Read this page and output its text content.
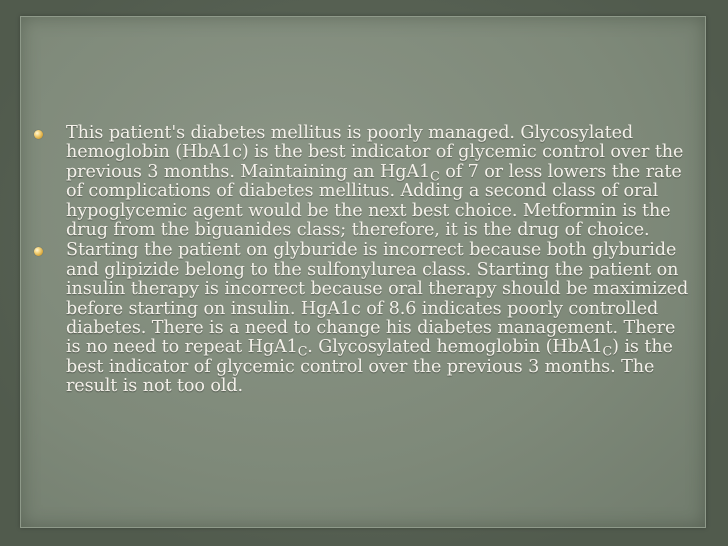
This patient's diabetes mellitus is poorly managed. Glycosylated hemoglobin (HbA1c) is the best indicator of glycemic control over the previous 3 months. Maintaining an $HgA1_C$ of 7 or less lowers the rate of complications of diabetes mellitus. Adding a second class of oral hypoglycemic agent would be the next best choice. Metformin is the drug from the biguanides class; therefore, it is the drug of choice.
Starting the patient on glyburide is incorrect because both glyburide and glipizide belong to the sulfonylurea class. Starting the patient on insulin therapy is incorrect because oral therapy should be maximized before starting on insulin. HgA1c of 8.6 indicates poorly controlled diabetes. There is a need to change his diabetes management. There is no need to repeat $HgA1_C$. Glycosylated hemoglobin $(HbA1_C)$ is the best indicator of glycemic control over the previous 3 months. The result is not too old.
